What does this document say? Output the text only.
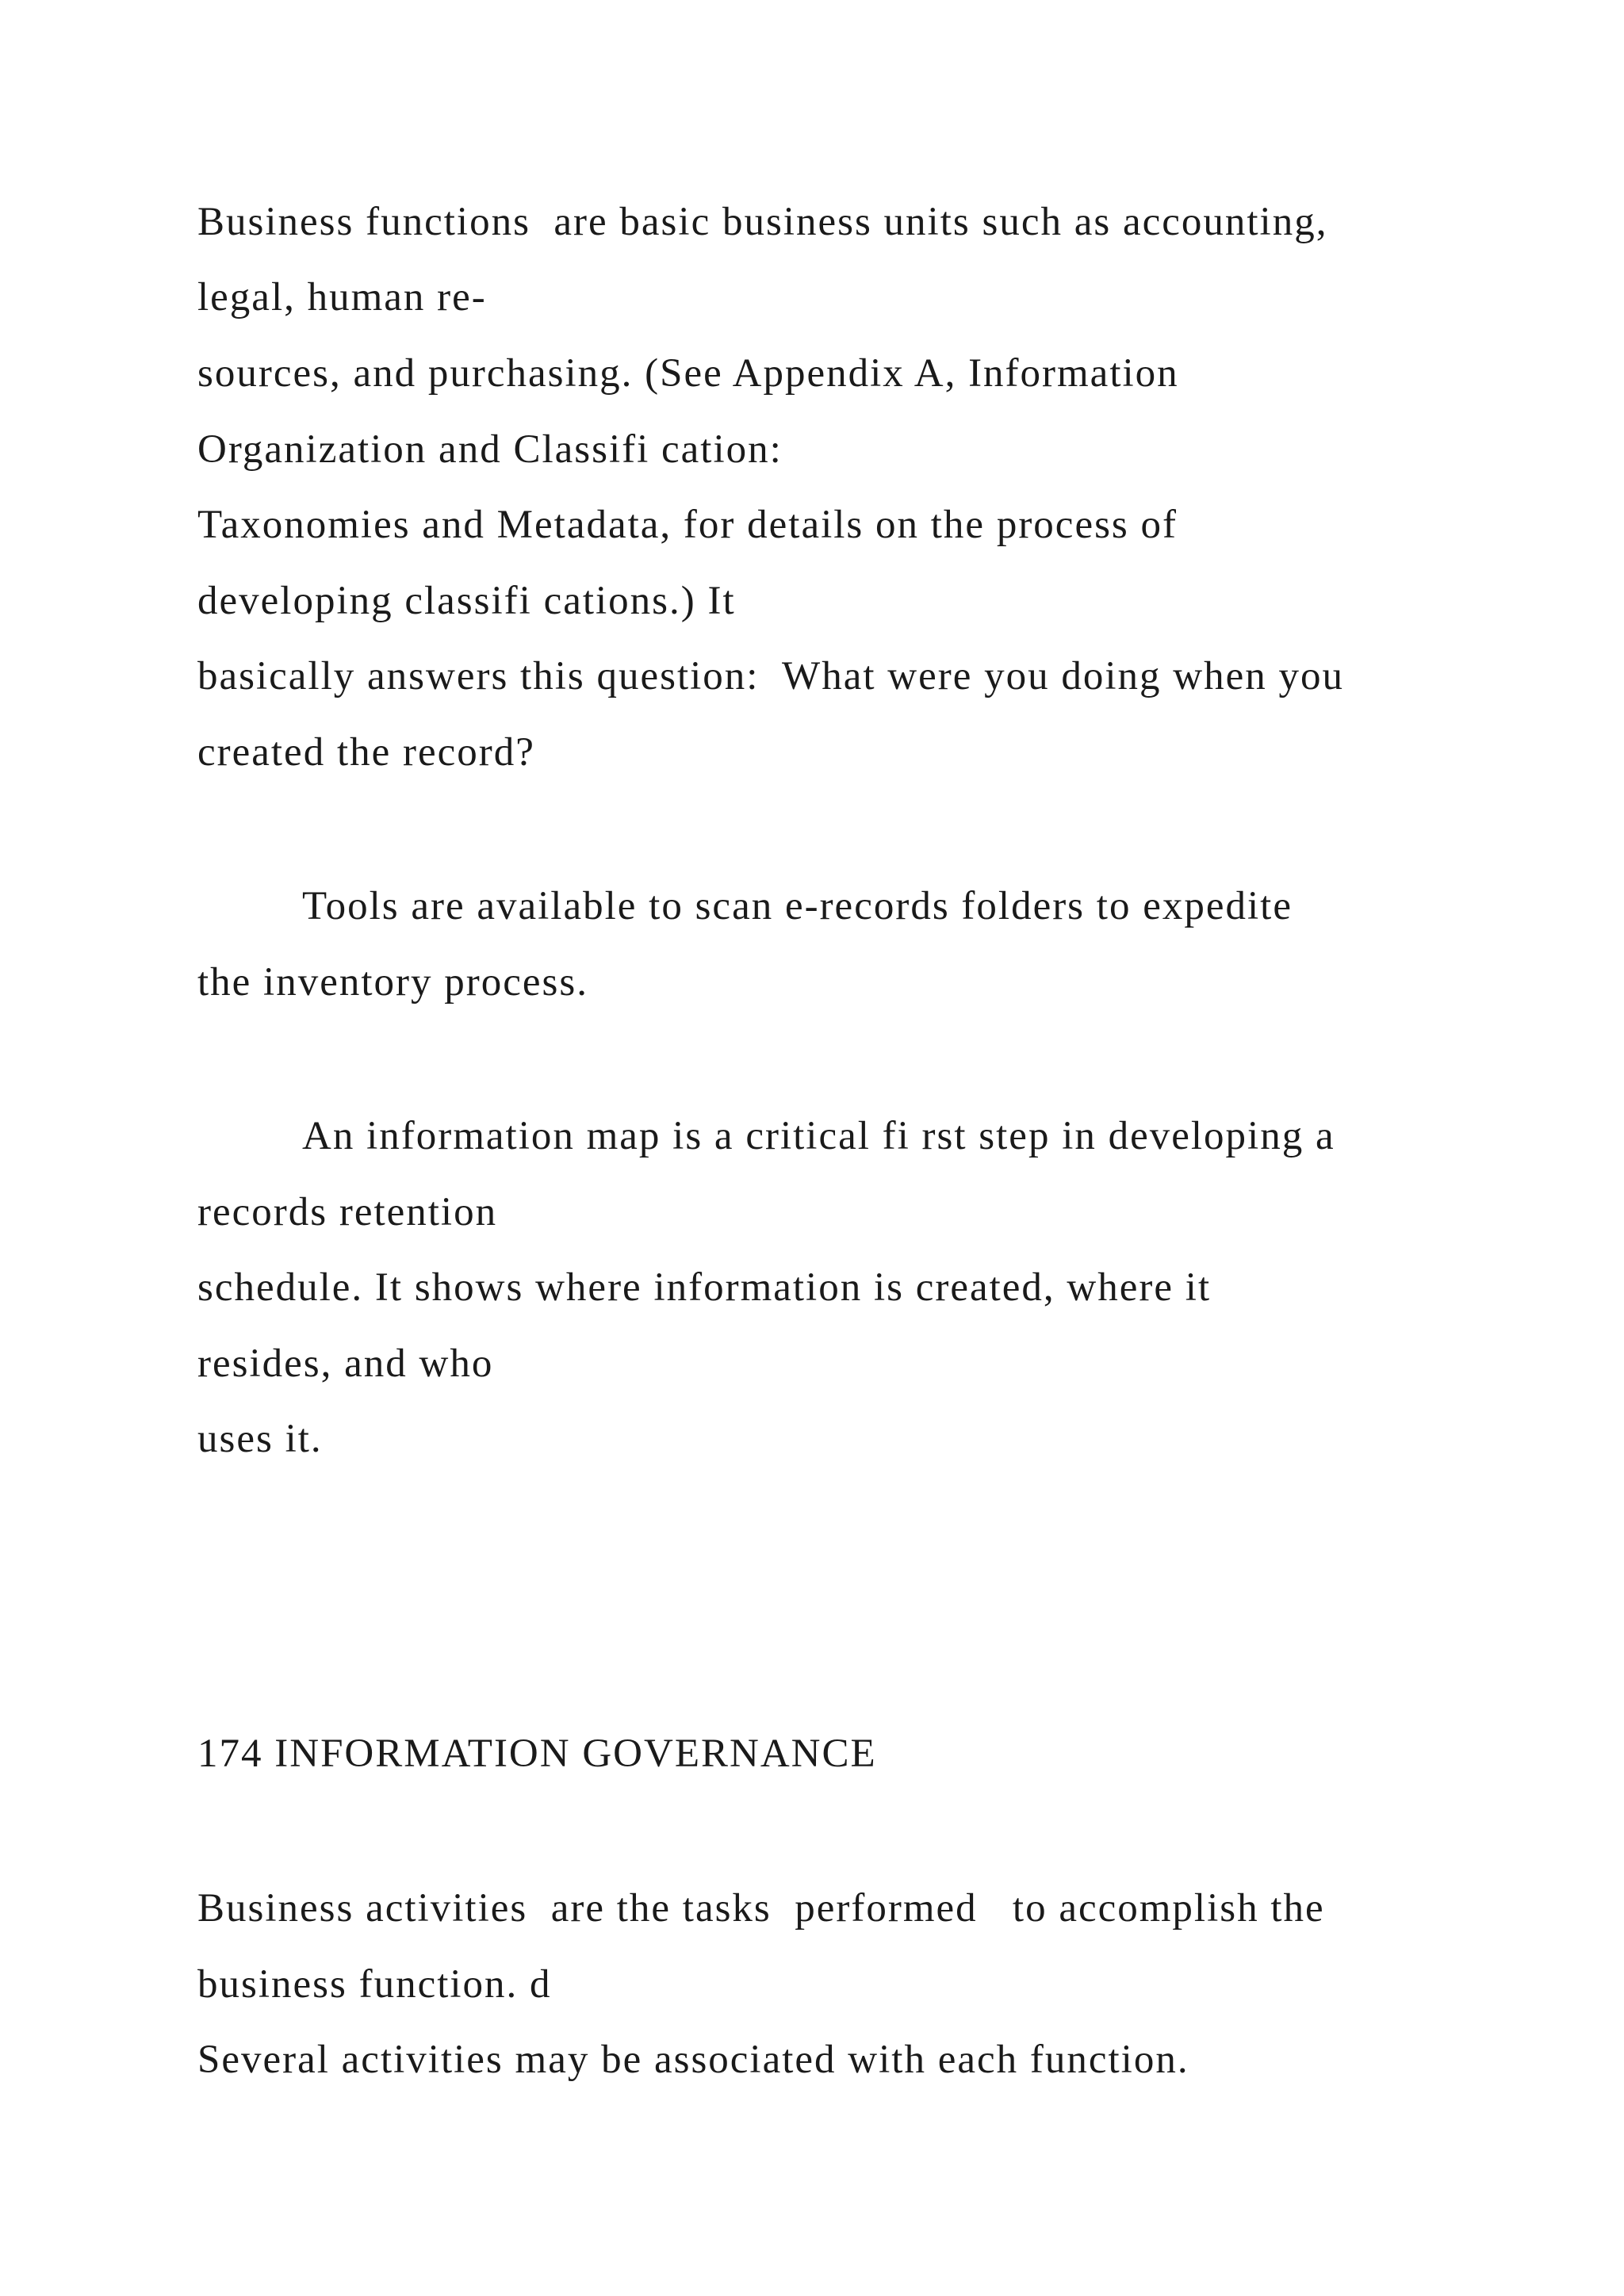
Business functions  are basic business units such as accounting,

legal, human re-

sources, and purchasing. (See Appendix A, Information

Organization and Classifi cation:

Taxonomies and Metadata, for details on the process of

developing classifi cations.) It

basically answers this question:  What were you doing when you

created the record?

Tools are available to scan e-records folders to expedite

the inventory process.

An information map is a critical fi rst step in developing a

records retention

schedule. It shows where information is created, where it

resides, and who

uses it.

174 INFORMATION GOVERNANCE

Business activities  are the tasks  performed   to accomplish the

business function. d

Several activities may be associated with each function.
